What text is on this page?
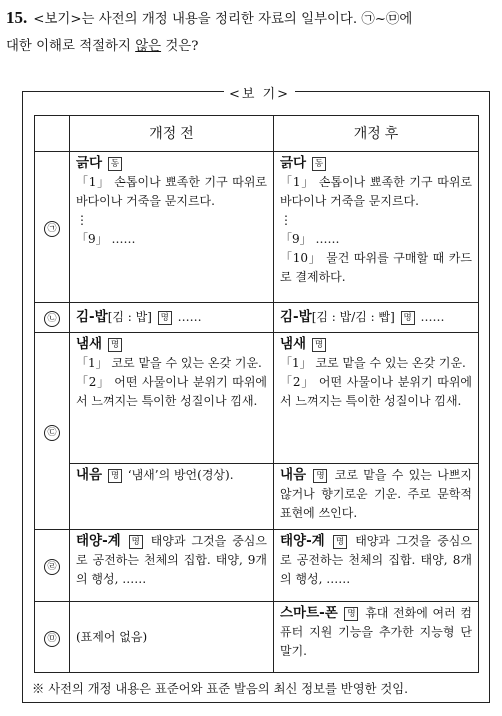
15. <보기>는 사전의 개정 내용을 정리한 자료의 일부이다. ㉠~㉤에
대한 이해로 적절하지 않은 것은?
<보 기>
	개정 전	개정 후
㉠	긁다 동
「1」 손톱이나 뾰족한 기구 따위로 바다이나 거죽을 문지르다.
⋮
「9」 ……	긁다 동
「1」 손톱이나 뾰족한 기구 따위로 바다이나 거죽을 문지르다.
⋮
「9」 ……
「10」 물건 따위를 구매할 때 카드로 결제하다.

㉡	김-밥[김 : 밥] 명 ……	김-밥[김 : 밥/김 : 빱] 명 ……
㉢	냄새 명
「1」 코로 맡을 수 있는 온갖 기운.
「2」 어떤 사물이나 분위기 따위에서 느껴지는 특이한 성질이나 낌새.	냄새 명
「1」 코로 맡을 수 있는 온갖 기운.
「2」 어떤 사물이나 분위기 따위에서 느껴지는 특이한 성질이나 낌새.

	내음 명 ‘냄새’의 방언(경상).	내음 명 코로 맡을 수 있는 나쁘지 않거나 향기로운 기운. 주로 문학적 표현에 쓰인다.
㉣	태양-계 명 태양과 그것을 중심으로 공전하는 천체의 집합. 태양, 9개의 행성, ……	태양-계 명 태양과 그것을 중심으로 공전하는 천체의 집합. 태양, 8개의 행성, ……
㉤	(표제어 없음)	스마트-폰 명 휴대 전화에 여러 컴퓨터 지원 기능을 추가한 지능형 단말기.
※ 사전의 개정 내용은 표준어와 표준 발음의 최신 정보를 반영한 것임.
